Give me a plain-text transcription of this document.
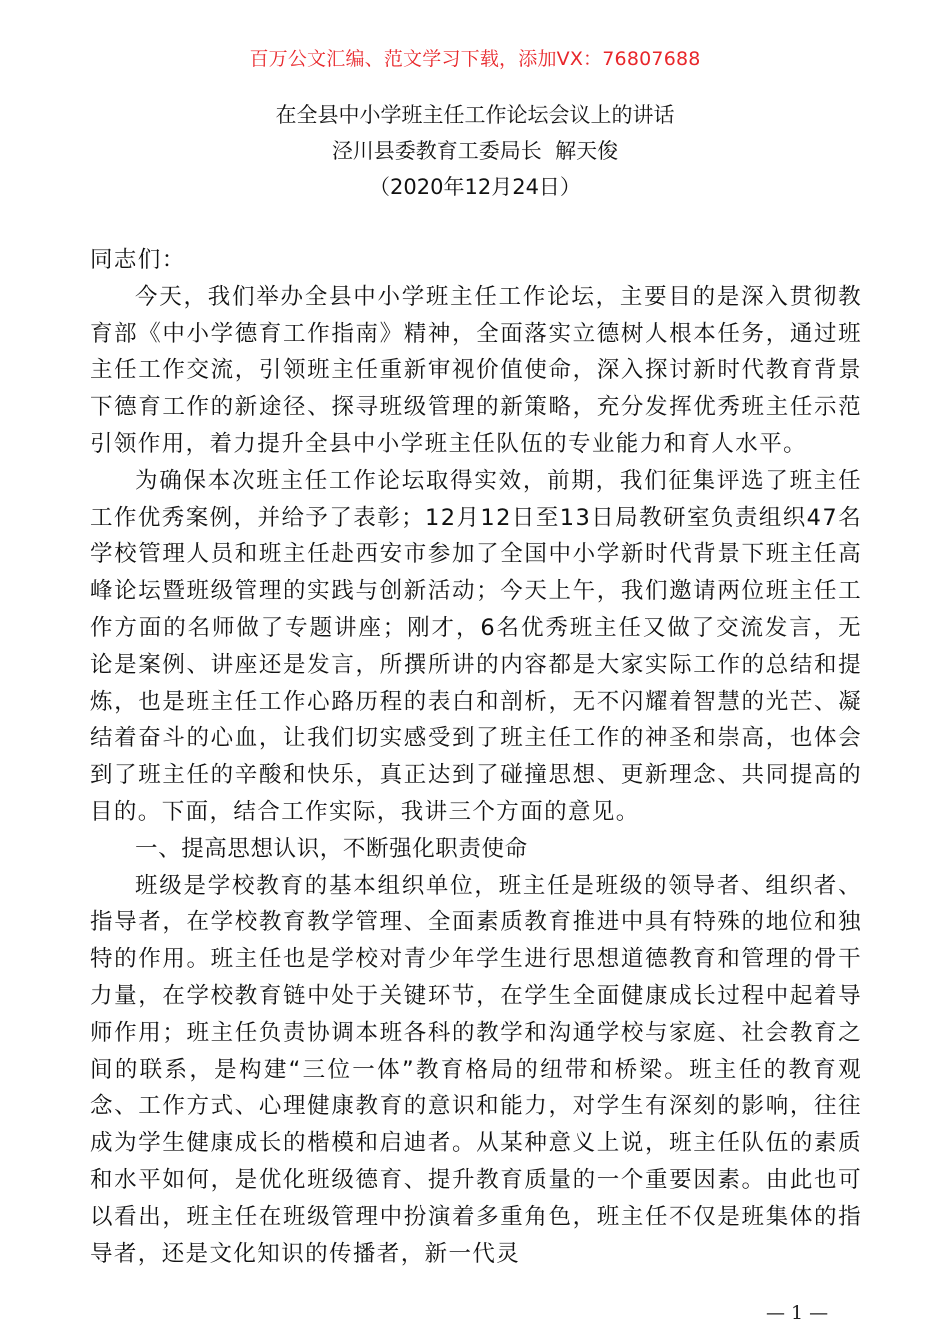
百万公文汇编、范文学习下载，添加VX：76807688
在全县中小学班主任工作论坛会议上的讲话
泾川县委教育工委局长  解天俊
（2020年12月24日）

同志们：

今天，我们举办全县中小学班主任工作论坛，主要目的是深入贯彻教育部《中小学德育工作指南》精神，全面落实立德树人根本任务，通过班主任工作交流，引领班主任重新审视价值使命，深入探讨新时代教育背景下德育工作的新途径、探寻班级管理的新策略，充分发挥优秀班主任示范引领作用，着力提升全县中小学班主任队伍的专业能力和育人水平。

为确保本次班主任工作论坛取得实效，前期，我们征集评选了班主任工作优秀案例，并给予了表彰；12月12日至13日局教研室负责组织47名学校管理人员和班主任赴西安市参加了全国中小学新时代背景下班主任高峰论坛暨班级管理的实践与创新活动；今天上午，我们邀请两位班主任工作方面的名师做了专题讲座；刚才，6名优秀班主任又做了交流发言，无论是案例、讲座还是发言，所撰所讲的内容都是大家实际工作的总结和提炼，也是班主任工作心路历程的表白和剖析，无不闪耀着智慧的光芒、凝结着奋斗的心血，让我们切实感受到了班主任工作的神圣和崇高，也体会到了班主任的辛酸和快乐，真正达到了碰撞思想、更新理念、共同提高的目的。下面，结合工作实际，我讲三个方面的意见。

一、提高思想认识，不断强化职责使命

班级是学校教育的基本组织单位，班主任是班级的领导者、组织者、指导者，在学校教育教学管理、全面素质教育推进中具有特殊的地位和独特的作用。班主任也是学校对青少年学生进行思想道德教育和管理的骨干力量，在学校教育链中处于关键环节，在学生全面健康成长过程中起着导师作用；班主任负责协调本班各科的教学和沟通学校与家庭、社会教育之间的联系，是构建“三位一体”教育格局的纽带和桥梁。班主任的教育观念、工作方式、心理健康教育的意识和能力，对学生有深刻的影响，往往成为学生健康成长的楷模和启迪者。从某种意义上说，班主任队伍的素质和水平如何，是优化班级德育、提升教育质量的一个重要因素。由此也可以看出，班主任在班级管理中扮演着多重角色，班主任不仅是班集体的指导者，还是文化知识的传播者，新一代灵

— 1 —
